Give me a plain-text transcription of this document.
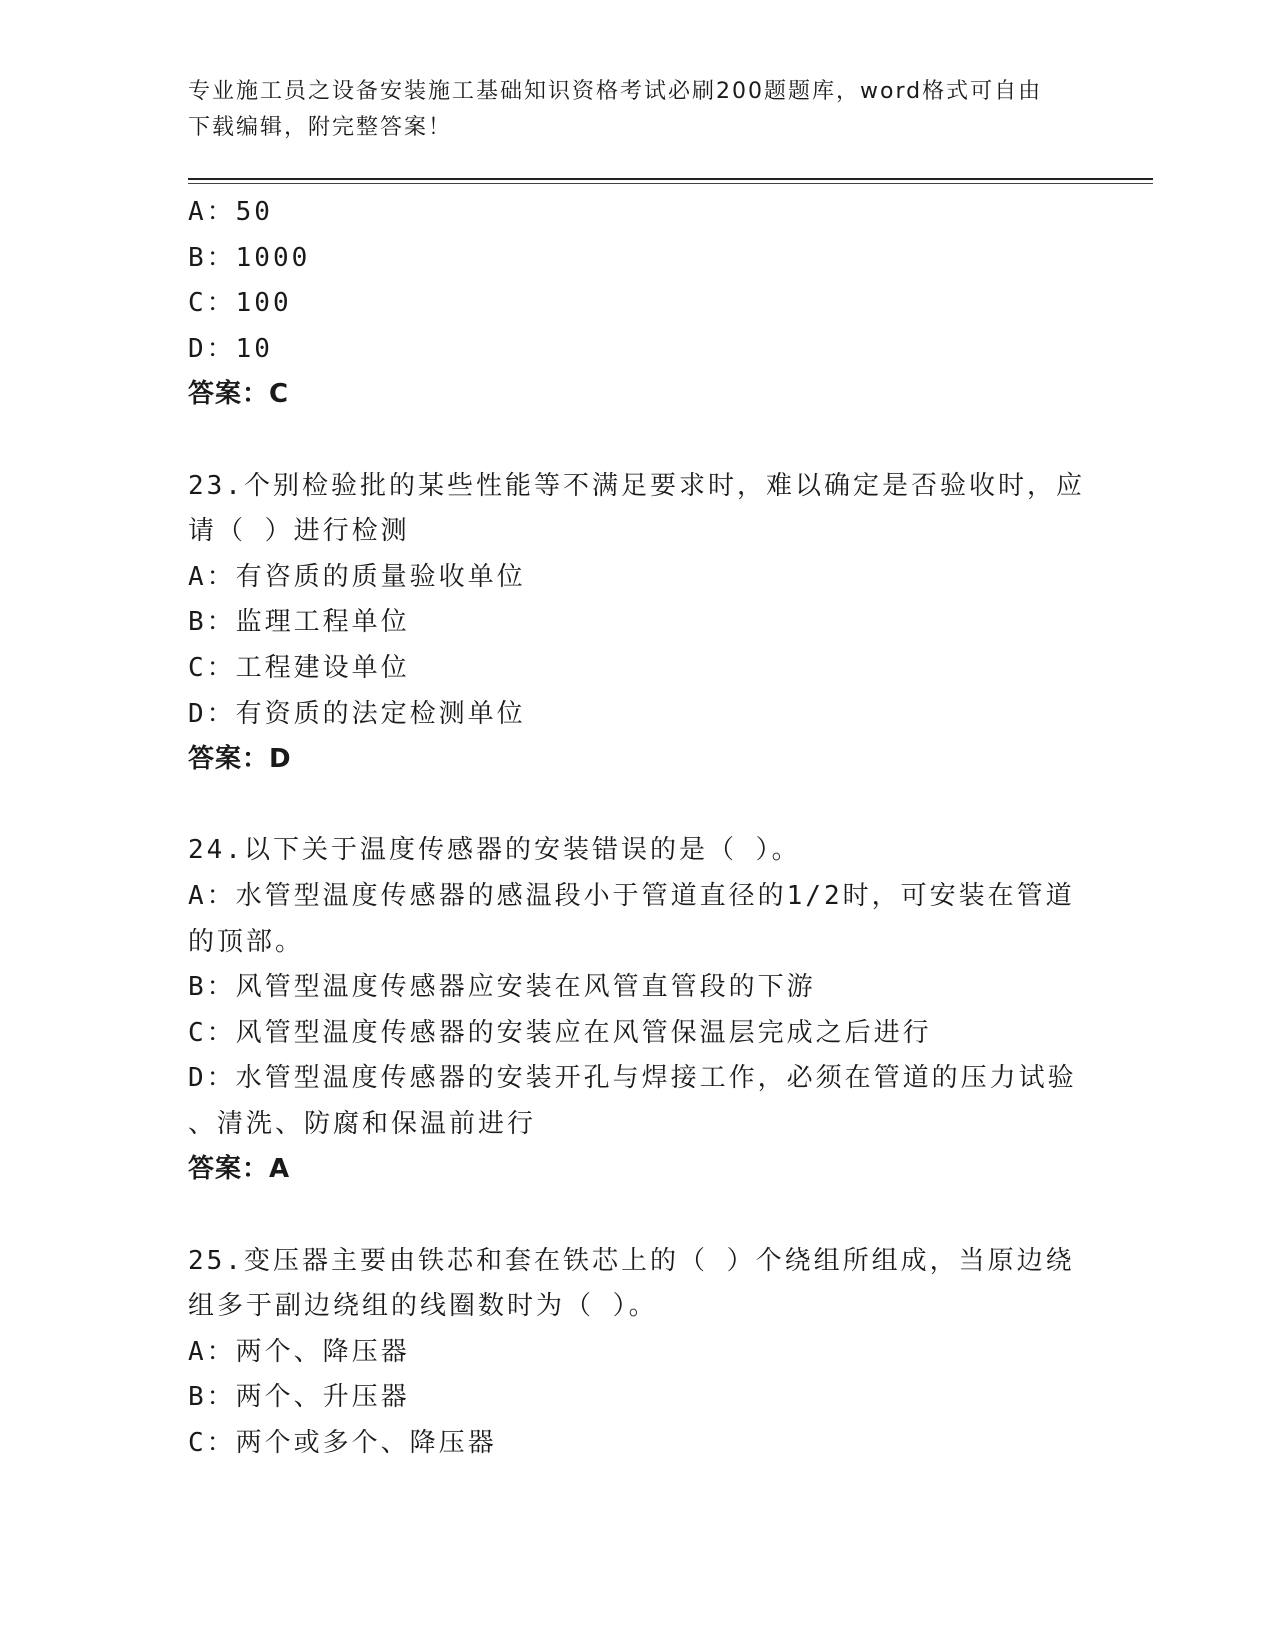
专业施工员之设备安装施工基础知识资格考试必刷200题题库，word格式可自由
下载编辑，附完整答案！
A：50
B：1000
C：100
D：10
答案：C
23.个别检验批的某些性能等不满足要求时，难以确定是否验收时，应
请（ ）进行检测
A：有咨质的质量验收单位
B：监理工程单位
C：工程建设单位
D：有资质的法定检测单位
答案：D
24.以下关于温度传感器的安装错误的是（ ）。
A：水管型温度传感器的感温段小于管道直径的1/2时，可安装在管道
的顶部。
B：风管型温度传感器应安装在风管直管段的下游
C：风管型温度传感器的安装应在风管保温层完成之后进行
D：水管型温度传感器的安装开孔与焊接工作，必须在管道的压力试验
、清洗、防腐和保温前进行
答案：A
25.变压器主要由铁芯和套在铁芯上的（ ）个绕组所组成，当原边绕
组多于副边绕组的线圈数时为（ ）。
A：两个、降压器
B：两个、升压器
C：两个或多个、降压器
